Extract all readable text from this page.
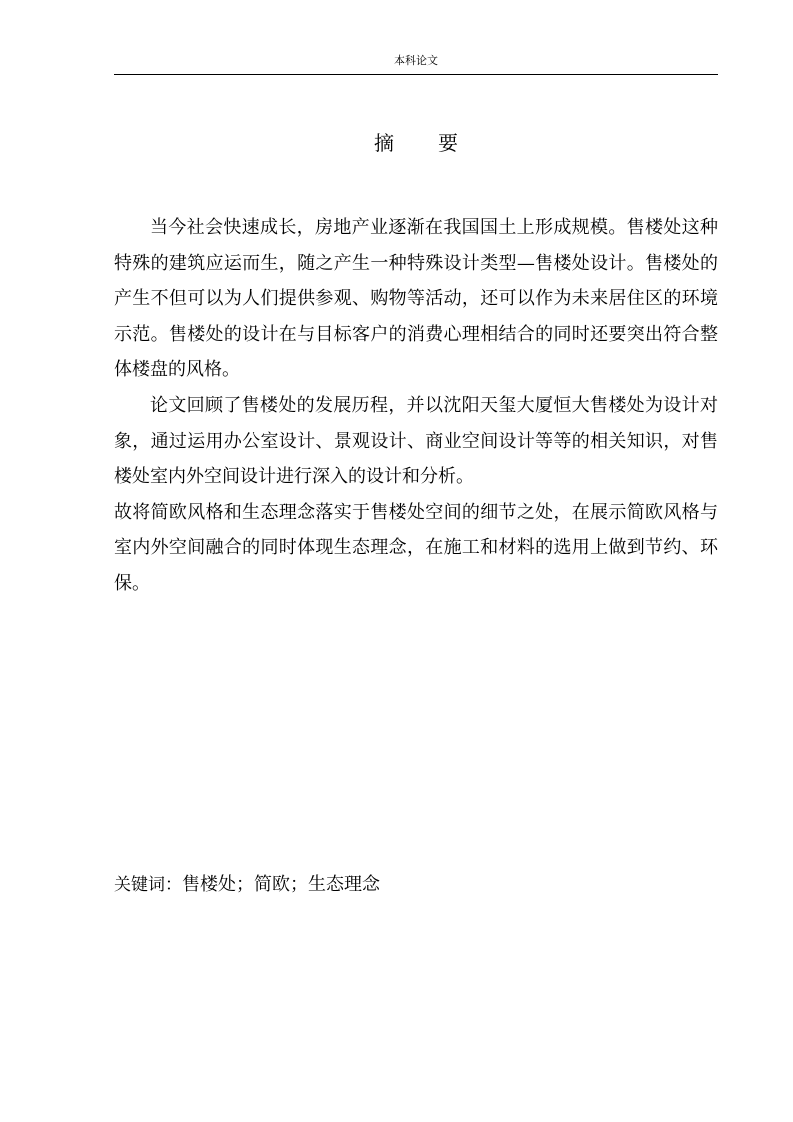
本科论文
摘 要

当今社会快速成长，房地产业逐渐在我国国土上形成规模。售楼处这种特殊的建筑应运而生，随之产生一种特殊设计类型—售楼处设计。售楼处的产生不但可以为人们提供参观、购物等活动，还可以作为未来居住区的环境示范。售楼处的设计在与目标客户的消费心理相结合的同时还要突出符合整体楼盘的风格。

论文回顾了售楼处的发展历程，并以沈阳天玺大厦恒大售楼处为设计对象，通过运用办公室设计、景观设计、商业空间设计等等的相关知识，对售楼处室内外空间设计进行深入的设计和分析。

故将简欧风格和生态理念落实于售楼处空间的细节之处，在展示简欧风格与室内外空间融合的同时体现生态理念，在施工和材料的选用上做到节约、环保。

关键词：售楼处；简欧；生态理念
